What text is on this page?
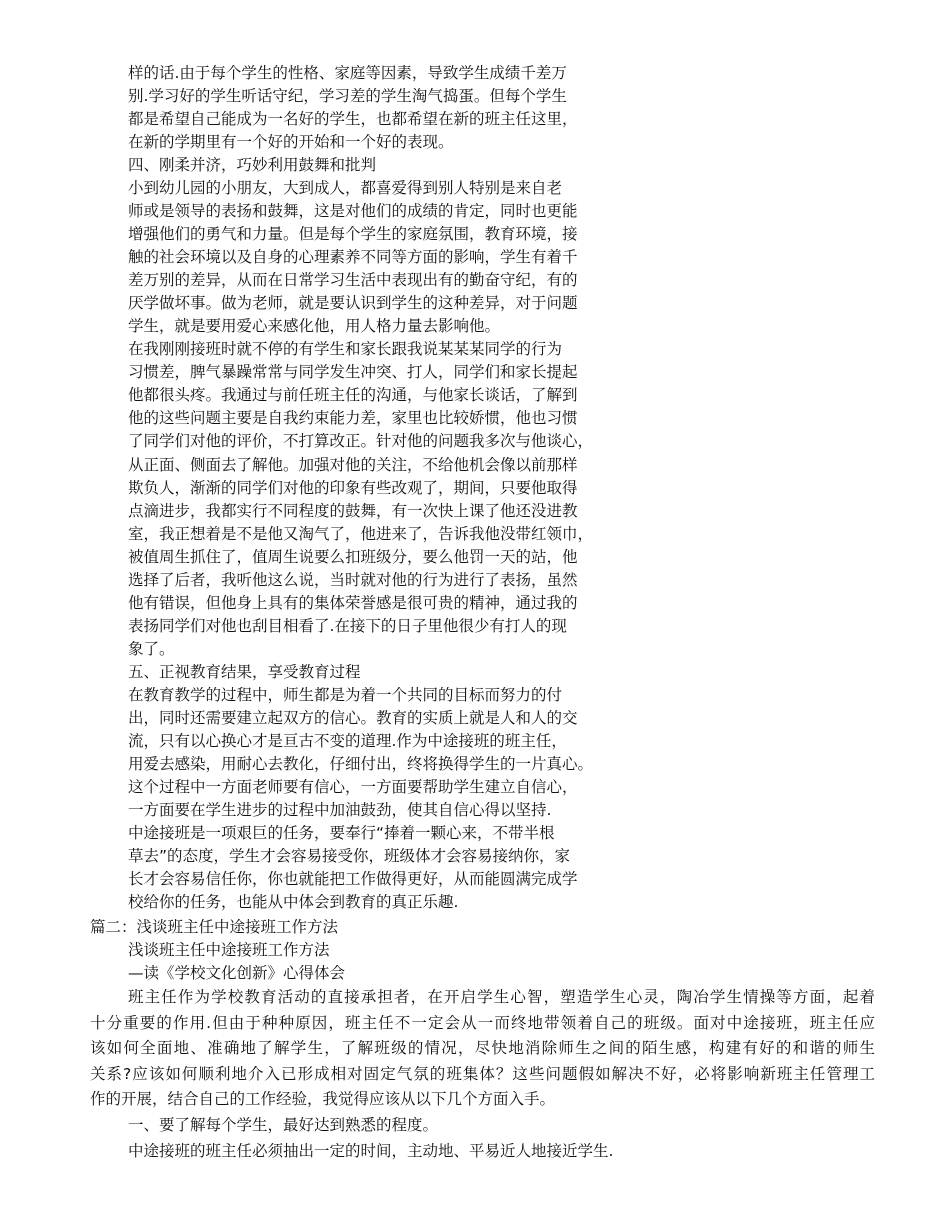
样的话.由于每个学生的性格、家庭等因素，导致学生成绩千差万
别.学习好的学生听话守纪，学习差的学生淘气捣蛋。但每个学生
都是希望自己能成为一名好的学生，也都希望在新的班主任这里，
在新的学期里有一个好的开始和一个好的表现。
四、刚柔并济，巧妙利用鼓舞和批判
小到幼儿园的小朋友，大到成人，都喜爱得到别人特别是来自老
师或是领导的表扬和鼓舞，这是对他们的成绩的肯定，同时也更能
增强他们的勇气和力量。但是每个学生的家庭氛围，教育环境，接
触的社会环境以及自身的心理素养不同等方面的影响，学生有着千
差万别的差异，从而在日常学习生活中表现出有的勤奋守纪，有的
厌学做坏事。做为老师，就是要认识到学生的这种差异，对于问题
学生，就是要用爱心来感化他，用人格力量去影响他。
在我刚刚接班时就不停的有学生和家长跟我说某某某同学的行为
习惯差，脾气暴躁常常与同学发生冲突、打人，同学们和家长提起
他都很头疼。我通过与前任班主任的沟通，与他家长谈话，了解到
他的这些问题主要是自我约束能力差，家里也比较娇惯，他也习惯
了同学们对他的评价，不打算改正。针对他的问题我多次与他谈心，
从正面、侧面去了解他。加强对他的关注，不给他机会像以前那样
欺负人，渐渐的同学们对他的印象有些改观了，期间，只要他取得
点滴进步，我都实行不同程度的鼓舞，有一次快上课了他还没进教
室，我正想着是不是他又淘气了，他进来了，告诉我他没带红领巾，
被值周生抓住了，值周生说要么扣班级分，要么他罚一天的站，他
选择了后者，我听他这么说，当时就对他的行为进行了表扬，虽然
他有错误，但他身上具有的集体荣誉感是很可贵的精神，通过我的
表扬同学们对他也刮目相看了.在接下的日子里他很少有打人的现
象了。
五、正视教育结果，享受教育过程
在教育教学的过程中，师生都是为着一个共同的目标而努力的付
出，同时还需要建立起双方的信心。教育的实质上就是人和人的交
流，只有以心换心才是亘古不变的道理.作为中途接班的班主任，
用爱去感染，用耐心去教化，仔细付出，终将换得学生的一片真心。
这个过程中一方面老师要有信心，一方面要帮助学生建立自信心，
一方面要在学生进步的过程中加油鼓劲，使其自信心得以坚持.
中途接班是一项艰巨的任务，要奉行“捧着一颗心来，不带半根
草去”的态度，学生才会容易接受你，班级体才会容易接纳你，家
长才会容易信任你，你也就能把工作做得更好，从而能圆满完成学
校给你的任务，也能从中体会到教育的真正乐趣.
篇二：浅谈班主任中途接班工作方法
浅谈班主任中途接班工作方法
—读《学校文化创新》心得体会
班主任作为学校教育活动的直接承担者，在开启学生心智，塑造学生心灵，陶冶学生情操等方面，起着
十分重要的作用.但由于种种原因，班主任不一定会从一而终地带领着自己的班级。面对中途接班，班主任应
该如何全面地、准确地了解学生，了解班级的情况，尽快地消除师生之间的陌生感，构建有好的和谐的师生
关系?应该如何顺利地介入已形成相对固定气氛的班集体？这些问题假如解决不好，必将影响新班主任管理工
作的开展，结合自己的工作经验，我觉得应该从以下几个方面入手。
一、要了解每个学生，最好达到熟悉的程度。
中途接班的班主任必须抽出一定的时间，主动地、平易近人地接近学生.
